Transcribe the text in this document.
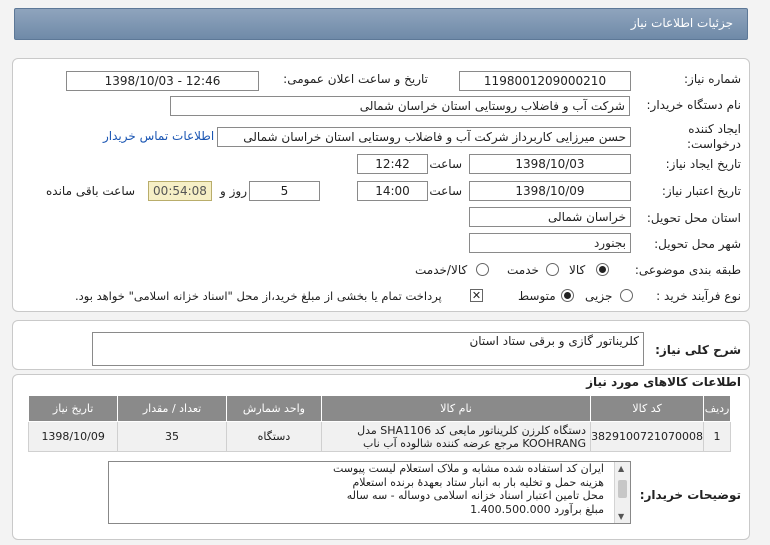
جزئیات اطلاعات نیاز
شماره نیاز:
1198001209000210
تاریخ و ساعت اعلان عمومی:
1398/10/03 - 12:46
نام دستگاه خریدار:
شرکت آب و فاضلاب روستایی استان خراسان شمالی
ایجاد کننده
درخواست:
حسن میرزایی کاربرداز شرکت آب و فاضلاب روستایی استان خراسان شمالی
اطلاعات تماس خریدار
تاریخ ایجاد نیاز:
1398/10/03
ساعت
12:42
تاریخ اعتبار نیاز:
1398/10/09
ساعت
14:00
5
روز و
00:54:08
ساعت باقی مانده
استان محل تحویل:
خراسان شمالی
شهر محل تحویل:
بجنورد
طبقه بندی موضوعی:
کالا
خدمت
کالا/خدمت
نوع فرآیند خرید :
جزیی
متوسط
✕
پرداخت تمام یا بخشی از مبلغ خرید،از محل "اسناد خزانه اسلامی" خواهد بود.
شرح کلی نیاز:
کلریناتور گازی و برقی ستاد استان
اطلاعات کالاهای مورد نیاز
ردیف	کد کالا	نام کالا	واحد شمارش	تعداد / مقدار	تاریخ نیاز
1	3829100721070008	دستگاه کلرزن کلریناتور مایعی کد SHA1106 مدل
KOOHRANG مرجع عرضه کننده شالوده آب ناب	دستگاه	35	1398/10/09
توضیحات خریدار:
ایران کد استفاده شده مشابه و ملاک استعلام لیست پیوست
هزینه حمل و تخلیه بار به انبار ستاد بعهدۀ برنده استعلام
محل تامین اعتبار اسناد خزانه اسلامی دوساله - سه ساله
مبلغ برآورد 1.400.500.000
▲
▼
